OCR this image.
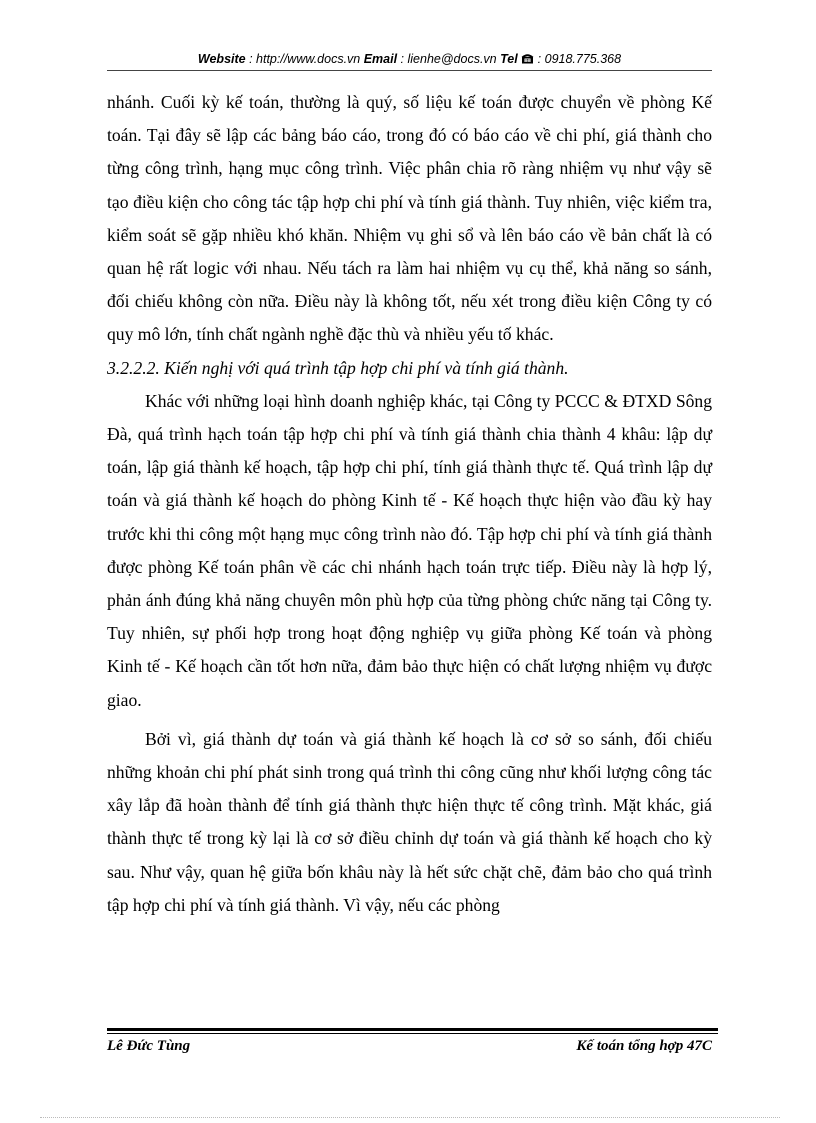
Website : http://www.docs.vn Email : lienhe@docs.vn Tel  : 0918.775.368

nhánh. Cuối kỳ kế toán, thường là quý, số liệu kế toán được chuyển về phòng Kế toán. Tại đây sẽ lập các bảng báo cáo, trong đó có báo cáo về chi phí, giá thành cho từng công trình, hạng mục công trình. Việc phân chia rõ ràng nhiệm vụ như vậy sẽ tạo điều kiện cho công tác tập hợp chi phí và tính giá thành. Tuy nhiên, việc kiểm tra, kiểm soát sẽ gặp nhiều khó khăn. Nhiệm vụ ghi sổ và lên báo cáo về bản chất là có quan hệ rất logic với nhau. Nếu tách ra làm hai nhiệm vụ cụ thể, khả năng so sánh, đối chiếu không còn nữa. Điều này là không tốt, nếu xét trong điều kiện Công ty có quy mô lớn, tính chất ngành nghề đặc thù và nhiều yếu tố khác.

3.2.2.2. Kiến nghị với quá trình tập hợp chi phí và tính giá thành.

Khác với những loại hình doanh nghiệp khác, tại Công ty PCCC & ĐTXD Sông Đà, quá trình hạch toán tập hợp chi phí và tính giá thành chia thành 4 khâu: lập dự toán, lập giá thành kế hoạch, tập hợp chi phí, tính giá thành thực tế. Quá trình lập dự toán và giá thành kế hoạch do phòng Kinh tế - Kế hoạch thực hiện vào đầu kỳ hay trước khi thi công một hạng mục công trình nào đó. Tập hợp chi phí và tính giá thành được phòng Kế toán phân về các chi nhánh hạch toán trực tiếp. Điều này là hợp lý, phản ánh đúng khả năng chuyên môn phù hợp của từng phòng chức năng tại Công ty. Tuy nhiên, sự phối hợp trong hoạt động nghiệp vụ giữa phòng Kế toán và phòng Kinh tế - Kế hoạch cần tốt hơn nữa, đảm bảo thực hiện có chất lượng nhiệm vụ được giao.

Bởi vì, giá thành dự toán và giá thành kế hoạch là cơ sở so sánh, đối chiếu những khoản chi phí phát sinh trong quá trình thi công cũng như khối lượng công tác xây lắp đã hoàn thành để tính giá thành thực hiện thực tế công trình. Mặt khác, giá thành thực tế trong kỳ lại là cơ sở điều chỉnh dự toán và giá thành kế hoạch cho kỳ sau. Như vậy, quan hệ giữa bốn khâu này là hết sức chặt chẽ, đảm bảo cho quá trình tập hợp chi phí và tính giá thành. Vì vậy, nếu các phòng

Lê Đức Tùng	Kế toán tổng hợp 47C
